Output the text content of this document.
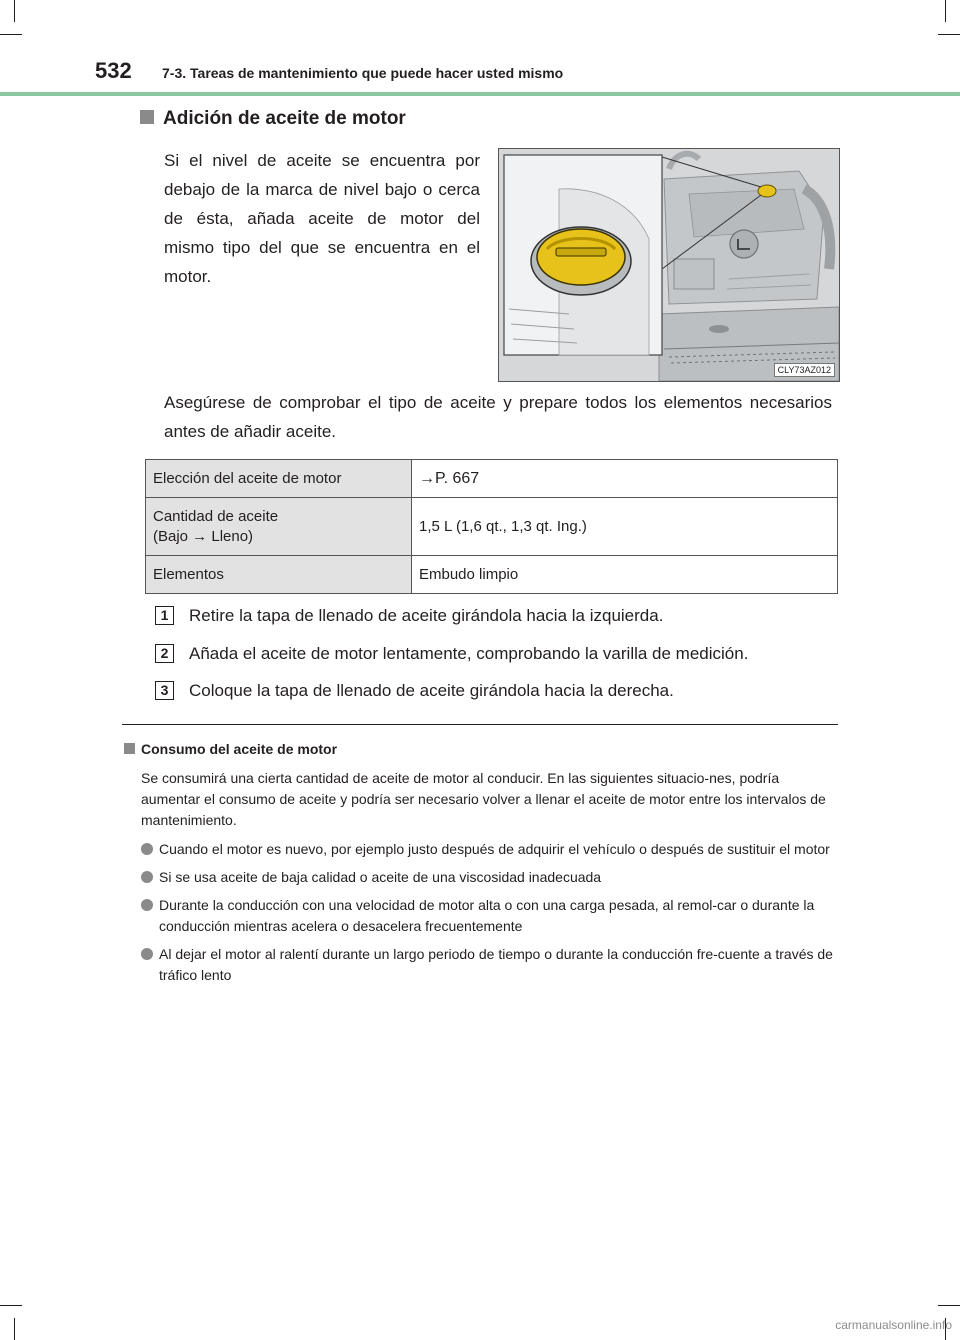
532 7-3. Tareas de mantenimiento que puede hacer usted mismo
Adición de aceite de motor
Si el nivel de aceite se encuentra por debajo de la marca de nivel bajo o cerca de ésta, añada aceite de motor del mismo tipo del que se encuentra en el motor.
CLY73AZ012
Asegúrese de comprobar el tipo de aceite y prepare todos los elementos necesarios antes de añadir aceite.
Elección del aceite de motor	→P. 667
Cantidad de aceite
(Bajo → Lleno)	1,5 L (1,6 qt., 1,3 qt. Ing.)
Elementos	Embudo limpio
1 Retire la tapa de llenado de aceite girándola hacia la izquierda.
2 Añada el aceite de motor lentamente, comprobando la varilla de medición.
3 Coloque la tapa de llenado de aceite girándola hacia la derecha.
Consumo del aceite de motor
Se consumirá una cierta cantidad de aceite de motor al conducir. En las siguientes situacio-nes, podría aumentar el consumo de aceite y podría ser necesario volver a llenar el aceite de motor entre los intervalos de mantenimiento.
Cuando el motor es nuevo, por ejemplo justo después de adquirir el vehículo o después de sustituir el motor
Si se usa aceite de baja calidad o aceite de una viscosidad inadecuada
Durante la conducción con una velocidad de motor alta o con una carga pesada, al remol-car o durante la conducción mientras acelera o desacelera frecuentemente
Al dejar el motor al ralentí durante un largo periodo de tiempo o durante la conducción fre-cuente a través de tráfico lento
carmanualsonline.info
